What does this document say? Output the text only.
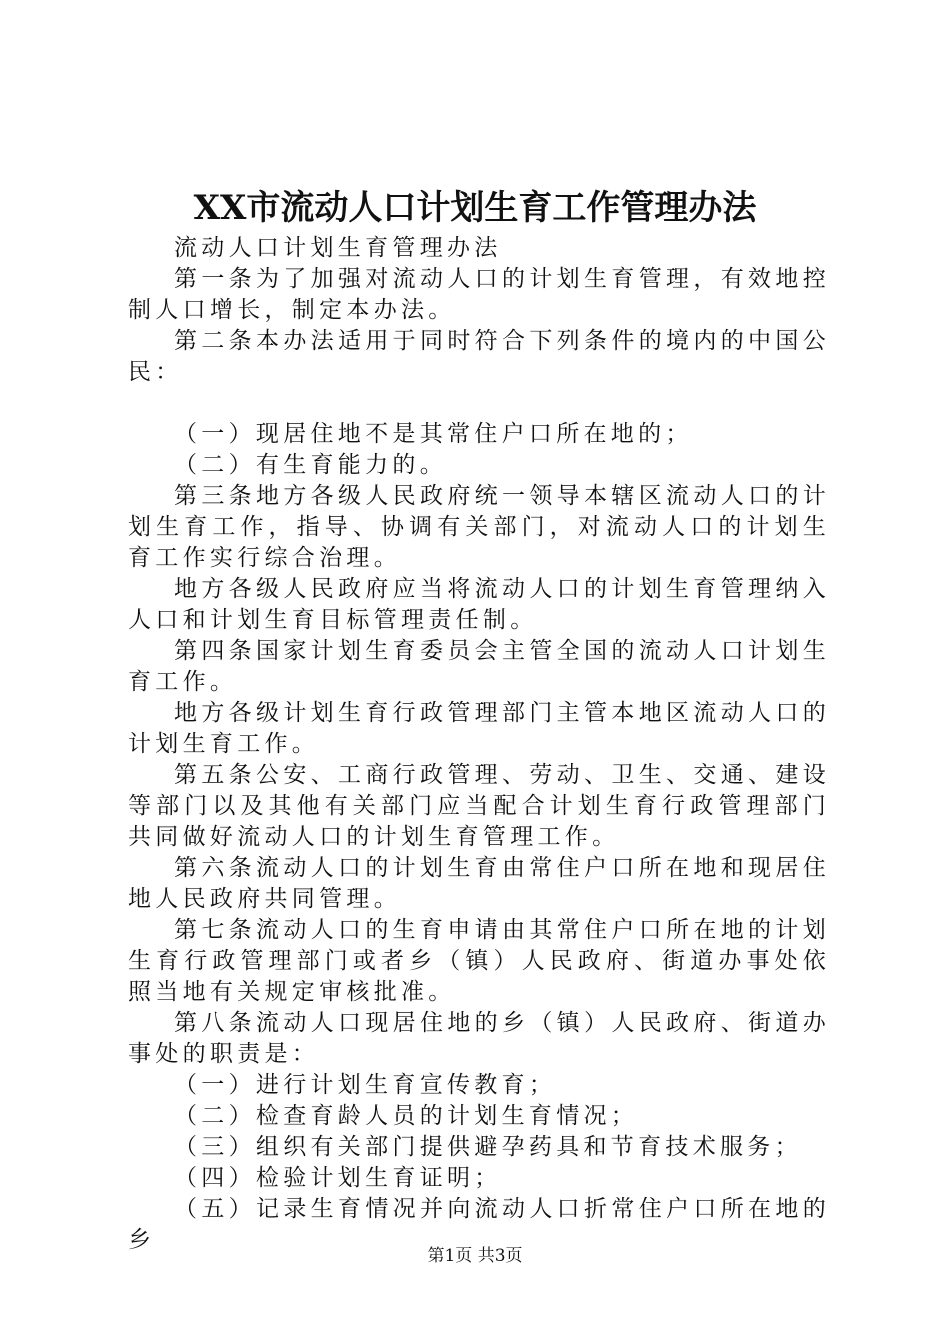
XX市流动人口计划生育工作管理办法

流动人口计划生育管理办法

第一条为了加强对流动人口的计划生育管理，有效地控制人口增长，制定本办法。

第二条本办法适用于同时符合下列条件的境内的中国公民：

（一）现居住地不是其常住户口所在地的；

（二）有生育能力的。

第三条地方各级人民政府统一领导本辖区流动人口的计划生育工作，指导、协调有关部门，对流动人口的计划生育工作实行综合治理。

地方各级人民政府应当将流动人口的计划生育管理纳入人口和计划生育目标管理责任制。

第四条国家计划生育委员会主管全国的流动人口计划生育工作。

地方各级计划生育行政管理部门主管本地区流动人口的计划生育工作。

第五条公安、工商行政管理、劳动、卫生、交通、建设等部门以及其他有关部门应当配合计划生育行政管理部门共同做好流动人口的计划生育管理工作。

第六条流动人口的计划生育由常住户口所在地和现居住地人民政府共同管理。

第七条流动人口的生育申请由其常住户口所在地的计划生育行政管理部门或者乡（镇）人民政府、街道办事处依照当地有关规定审核批准。

第八条流动人口现居住地的乡（镇）人民政府、街道办事处的职责是：

（一）进行计划生育宣传教育；

（二）检查育龄人员的计划生育情况；

（三）组织有关部门提供避孕药具和节育技术服务；

（四）检验计划生育证明；

（五）记录生育情况并向流动人口折常住户口所在地的乡

第1页 共3页
